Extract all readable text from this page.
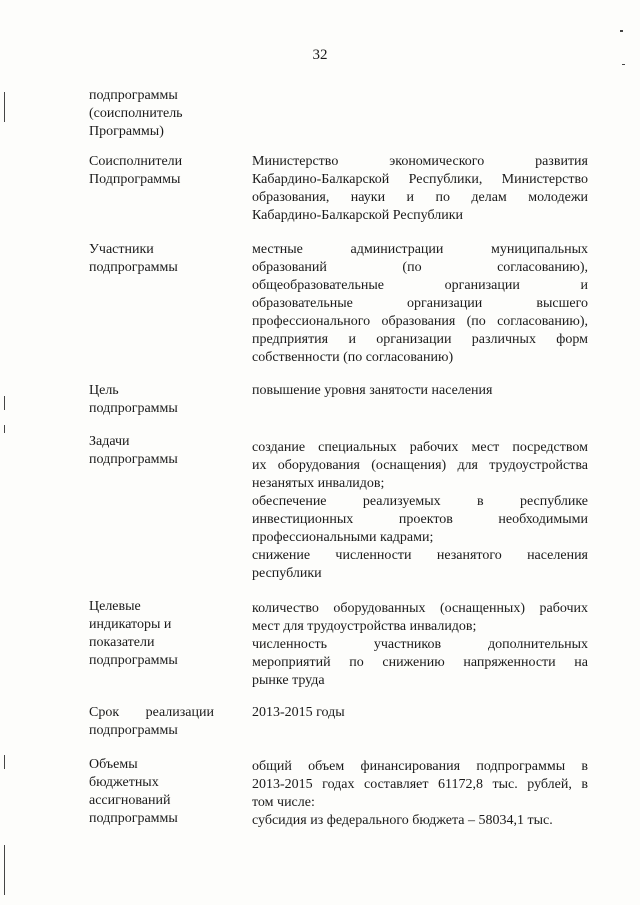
32
подпрограммы
(соисполнитель
Программы)
Соисполнители
Подпрограммы
Министерство экономического развития
Кабардино-Балкарской Республики, Министерство
образования, науки и по делам молодежи
Кабардино-Балкарской Республики
Участники
подпрограммы
местные администрации муниципальных
образований (по согласованию),
общеобразовательные организации и
образовательные организации высшего
профессионального образования (по согласованию),
предприятия и организации различных форм
собственности (по согласованию)
Цель
подпрограммы
повышение уровня занятости населения
Задачи
подпрограммы
создание специальных рабочих мест посредством
их оборудования (оснащения) для трудоустройства
незанятых инвалидов;
обеспечение реализуемых в республике
инвестиционных проектов необходимыми
профессиональными кадрами;
снижение численности незанятого населения
республики
Целевые
индикаторы и
показатели
подпрограммы
количество оборудованных (оснащенных) рабочих
мест для трудоустройства инвалидов;
численность участников дополнительных
мероприятий по снижению напряженности на
рынке труда
Срок реализации
подпрограммы
2013-2015 годы
Объемы
бюджетных
ассигнований
подпрограммы
общий объем финансирования подпрограммы в
2013-2015 годах составляет 61172,8 тыс. рублей, в
том числе:
субсидия из федерального бюджета – 58034,1 тыс.
